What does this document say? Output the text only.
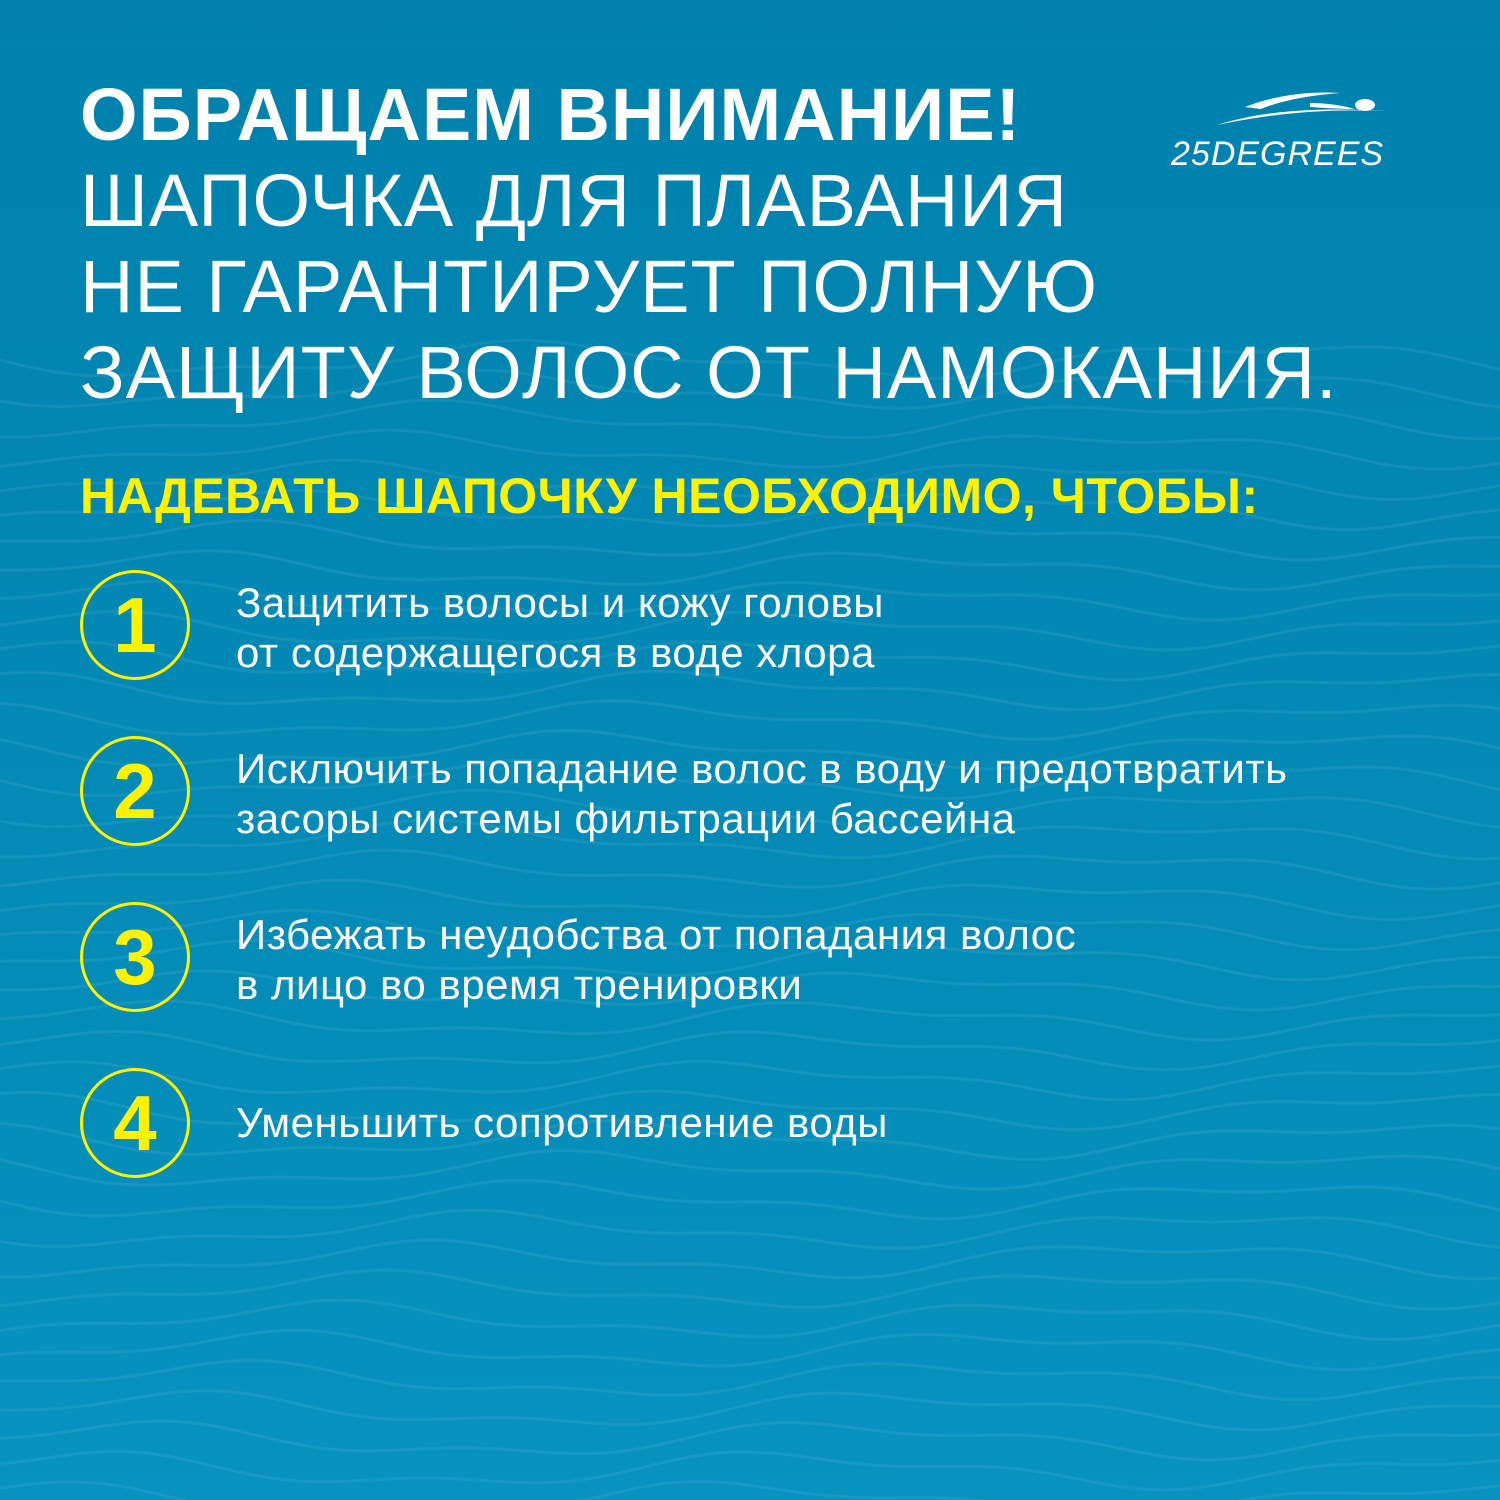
ОБРАЩАЕМ ВНИМАНИЕ!
ШАПОЧКА ДЛЯ ПЛАВАНИЯ
НЕ ГАРАНТИРУЕТ ПОЛНУЮ
ЗАЩИТУ ВОЛОС ОТ НАМОКАНИЯ.
25DEGREES
НАДЕВАТЬ ШАПОЧКУ НЕОБХОДИМО, ЧТОБЫ:
1	Защитить волосы и кожу головы
от содержащегося в воде хлора
2	Исключить попадание волос в воду и предотвратить
засоры системы фильтрации бассейна
3	Избежать неудобства от попадания волос
в лицо во время тренировки
4	Уменьшить сопротивление воды
